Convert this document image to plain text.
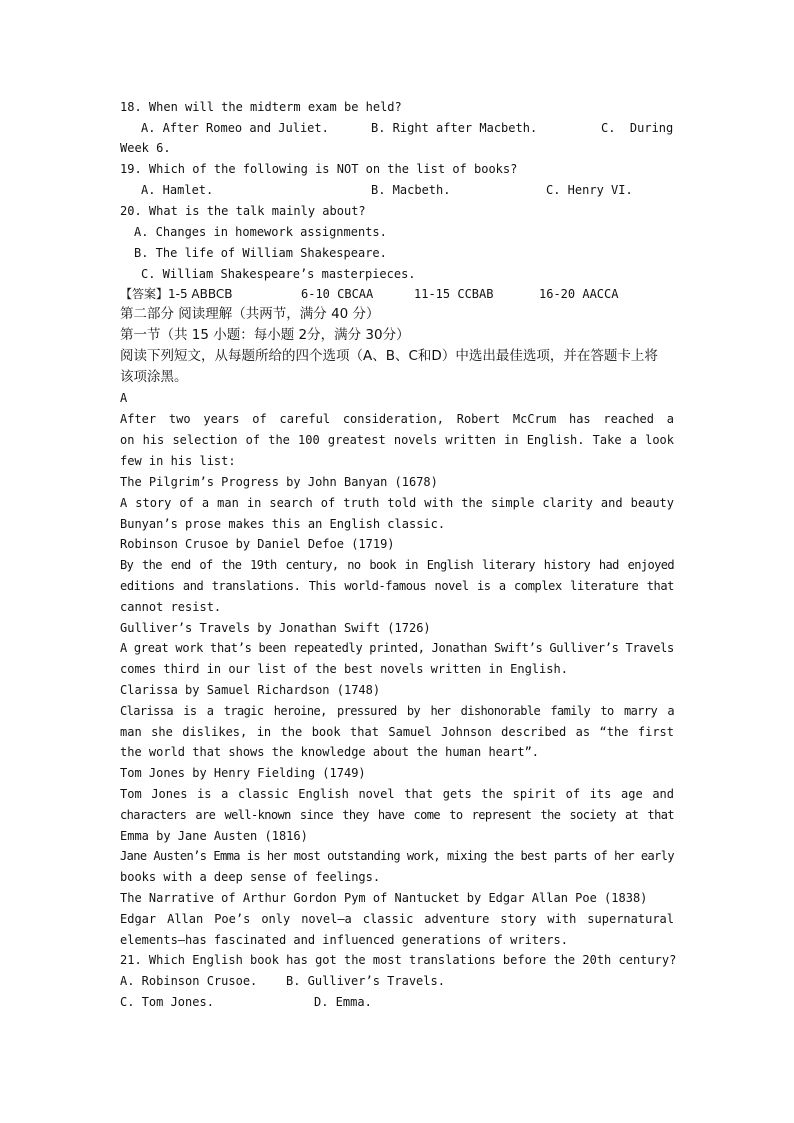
18. When will the midterm exam be held?

A. After Romeo and Juliet.

	B. Right after Macbeth.

	C.  During

Week 6.
19. Which of the following is NOT on the list of books?

A. Hamlet.

	B. Macbeth.

	C. Henry VI.

20. What is the talk mainly about?
A. Changes in homework assignments.
B. The life of William Shakespeare.
C. William Shakespeare’s masterpieces.

【答案】1-5 ABBCB

	6-10 CBCAA

	11-15 CCBAB

	16-20 AACCA

第二部分 阅读理解（共两节，满分 40 分）
第一节（共 15 小题：每小题 2分，满分 30分）
阅读下列短文，从每题所给的四个选项（A、B、C和D）中选出最佳选项，并在答题卡上将
该项涂黑。
A
After two years of careful consideration, Robert McCrum has reached a
on his selection of the 100 greatest novels written in English. Take a look
few in his list:
The Pilgrim’s Progress by John Banyan (1678)
A story of a man in search of truth told with the simple clarity and beauty
Bunyan’s prose makes this an English classic.
Robinson Crusoe by Daniel Defoe (1719)
By the end of the 19th century, no book in English literary history had enjoyed
editions and translations. This world-famous novel is a complex literature that
cannot resist.
Gulliver’s Travels by Jonathan Swift (1726)
A great work that’s been repeatedly printed, Jonathan Swift’s Gulliver’s Travels
comes third in our list of the best novels written in English.
Clarissa by Samuel Richardson (1748)
Clarissa is a tragic heroine, pressured by her dishonorable family to marry a
man she dislikes, in the book that Samuel Johnson described as “the first
the world that shows the knowledge about the human heart”.
Tom Jones by Henry Fielding (1749)
Tom Jones is a classic English novel that gets the spirit of its age and
characters are well-known since they have come to represent the society at that
Emma by Jane Austen (1816)
Jane Austen’s Emma is her most outstanding work, mixing the best parts of her early
books with a deep sense of feelings.
The Narrative of Arthur Gordon Pym of Nantucket by Edgar Allan Poe (1838)
Edgar Allan Poe’s only novel—a classic adventure story with supernatural
elements—has fascinated and influenced generations of writers.
21. Which English book has got the most translations before the 20th century?

A. Robinson Crusoe.

B. Gulliver’s Travels.

C. Tom Jones.

	D. Emma.
